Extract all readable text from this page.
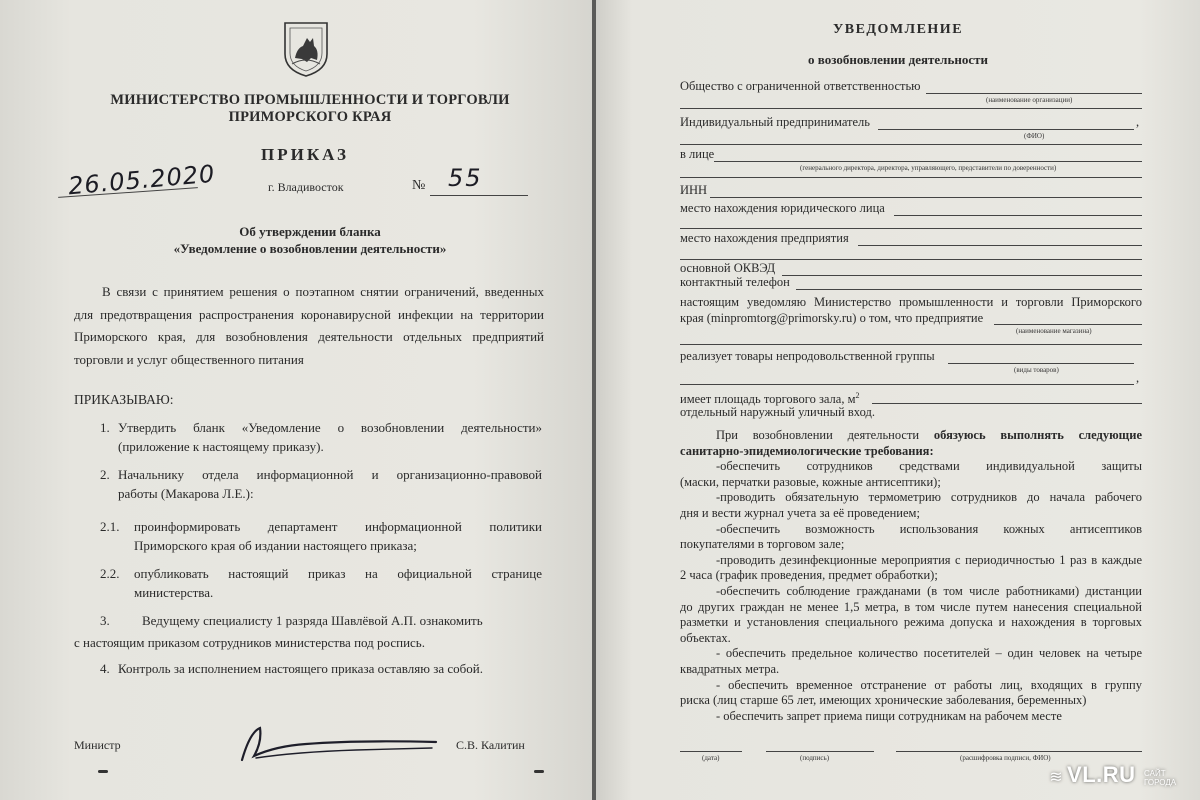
МИНИСТЕРСТВО ПРОМЫШЛЕННОСТИ И ТОРГОВЛИ
ПРИМОРСКОГО КРАЯ
ПРИКАЗ
26.05.2020	г. Владивосток	№ 55
Об утверждении бланка
«Уведомление о возобновлении деятельности»
В связи с принятием решения о поэтапном снятии ограничений, введенных
для предотвращения распространения коронавирусной инфекции на территории
Приморского края, для возобновления деятельности отдельных предприятий
торговли и услуг общественного питания
ПРИКАЗЫВАЮ:
1. Утвердить бланк «Уведомление о возобновлении деятельности»
(приложение к настоящему приказу).
2. Начальнику отдела информационной и организационно-правовой
работы (Макарова Л.Е.):
2.1. проинформировать департамент информационной политики
Приморского края об издании настоящего приказа;
2.2. опубликовать настоящий приказ на официальной странице
министерства.
3. Ведущему специалисту 1 разряда Шавлёвой А.П. ознакомить
с настоящим приказом сотрудников министерства под роспись.
4. Контроль за исполнением настоящего приказа оставляю за собой.
Министр	С.В. Калитин
УВЕДОМЛЕНИЕ
о возобновлении деятельности
Общество с ограниченной ответственностью
(наименование организации)
Индивидуальный предприниматель	,
(ФИО)
в лице
(генерального директора, директора, управляющего, представители по доверенности)
ИНН
место нахождения юридического лица
место нахождения предприятия
основной ОКВЭД
контактный телефон
настоящим уведомляю Министерство промышленности и торговли Приморского
края (minpromtorg@primorsky.ru) о том, что предприятие
(наименование магазина)
реализует товары непродовольственной группы
(виды товаров)
,
имеет площадь торгового зала, $м^2$
отдельный наружный уличный вход.
При возобновлении деятельности обязуюсь выполнять следующие
санитарно-эпидемиологические требования:
-обеспечить сотрудников средствами индивидуальной защиты
(маски, перчатки разовые, кожные антисептики);
-проводить обязательную термометрию сотрудников до начала рабочего
дня и вести журнал учета за её проведением;
-обеспечить возможность использования кожных антисептиков
покупателями в торговом зале;
-проводить дезинфекционные мероприятия с периодичностью 1 раз в каждые
2 часа (график проведения, предмет обработки);
-обеспечить соблюдение гражданами (в том числе работниками) дистанции
до других граждан не менее 1,5 метра, в том числе путем нанесения специальной
разметки и установления специального режима допуска и нахождения в торговых
объектах.
- обеспечить предельное количество посетителей – один человек на четыре
квадратных метра.
- обеспечить временное отстранение от работы лиц, входящих в группу
риска (лиц старше 65 лет, имеющих хронические заболевания, беременных)
- обеспечить запрет приема пищи сотрудникам на рабочем месте
(дата)	(подпись)	(расшифровка подписи, ФИО)
≋ VL.RU САЙТ ГОРОДА
